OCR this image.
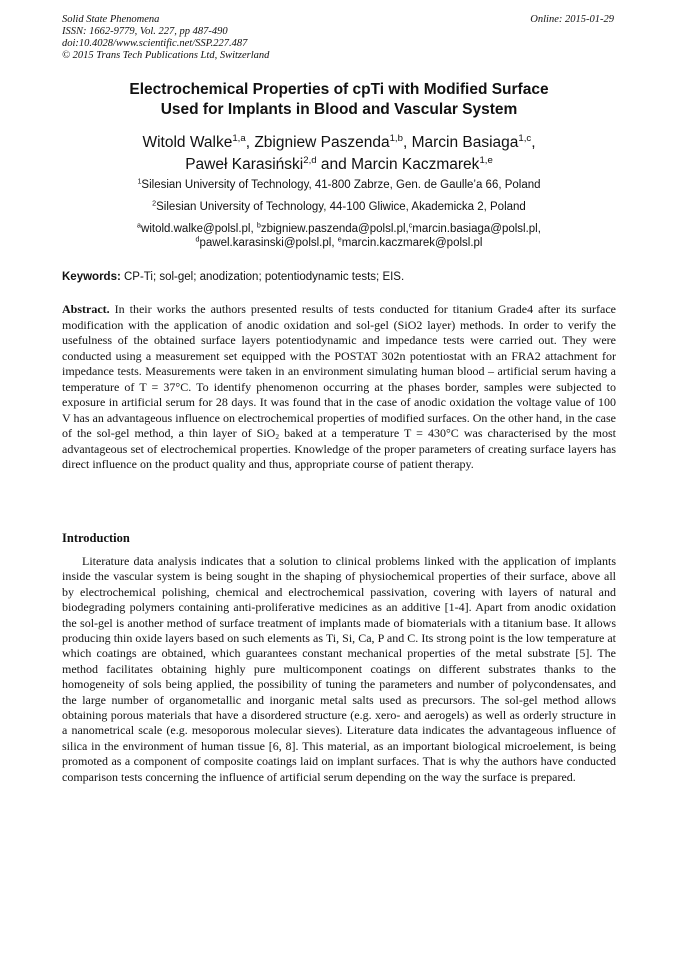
Solid State Phenomena
ISSN: 1662-9779, Vol. 227, pp 487-490
doi:10.4028/www.scientific.net/SSP.227.487
© 2015 Trans Tech Publications Ltd, Switzerland
Online: 2015-01-29
Electrochemical Properties of cpTi with Modified Surface
Used for Implants in Blood and Vascular System
Witold Walke$^{1,a}$, Zbigniew Paszenda$^{1,b}$, Marcin Basiaga$^{1,c}$,
Paweł Karasiński$^{2,d}$ and Marcin Kaczmarek$^{1,e}$
$^1$Silesian University of Technology, 41-800 Zabrze, Gen. de Gaulle’a 66, Poland
$^2$Silesian University of Technology, 44-100 Gliwice, Akademicka 2, Poland
$^a$witold.walke@polsl.pl, $^b$zbigniew.paszenda@polsl.pl,$^c$marcin.basiaga@polsl.pl,
$^d$pawel.karasinski@polsl.pl, $^e$marcin.kaczmarek@polsl.pl
Keywords: CP-Ti; sol-gel; anodization; potentiodynamic tests; EIS.
Abstract. In their works the authors presented results of tests conducted for titanium Grade4 after its surface modification with the application of anodic oxidation and sol-gel (SiO2 layer) methods. In order to verify the usefulness of the obtained surface layers potentiodynamic and impedance tests were carried out. They were conducted using a measurement set equipped with the POSTAT 302n potentiostat with an FRA2 attachment for impedance tests. Measurements were taken in an environment simulating human blood – artificial serum having a temperature of T = 37°C. To identify phenomenon occurring at the phases border, samples were subjected to exposure in artificial serum for 28 days. It was found that in the case of anodic oxidation the voltage value of 100 V has an advantageous influence on electrochemical properties of modified surfaces. On the other hand, in the case of the sol-gel method, a thin layer of SiO$_2$ baked at a temperature T = 430°C was characterised by the most advantageous set of electrochemical properties. Knowledge of the proper parameters of creating surface layers has direct influence on the product quality and thus, appropriate course of patient therapy.
Introduction
Literature data analysis indicates that a solution to clinical problems linked with the application of implants inside the vascular system is being sought in the shaping of physiochemical properties of their surface, above all by electrochemical polishing, chemical and electrochemical passivation, covering with layers of natural and biodegrading polymers containing anti-proliferative medicines as an additive [1-4]. Apart from anodic oxidation the sol-gel is another method of surface treatment of implants made of biomaterials with a titanium base. It allows producing thin oxide layers based on such elements as Ti, Si, Ca, P and C. Its strong point is the low temperature at which coatings are obtained, which guarantees constant mechanical properties of the metal substrate [5]. The method facilitates obtaining highly pure multicomponent coatings on different substrates thanks to the homogeneity of sols being applied, the possibility of tuning the parameters and number of polycondensates, and the large number of organometallic and inorganic metal salts used as precursors. The sol-gel method allows obtaining porous materials that have a disordered structure (e.g. xero- and aerogels) as well as orderly structure in a nanometrical scale (e.g. mesoporous molecular sieves). Literature data indicates the advantageous influence of silica in the environment of human tissue [6, 8]. This material, as an important biological microelement, is being promoted as a component of composite coatings laid on implant surfaces. That is why the authors have conducted comparison tests concerning the influence of artificial serum depending on the way the surface is prepared.
